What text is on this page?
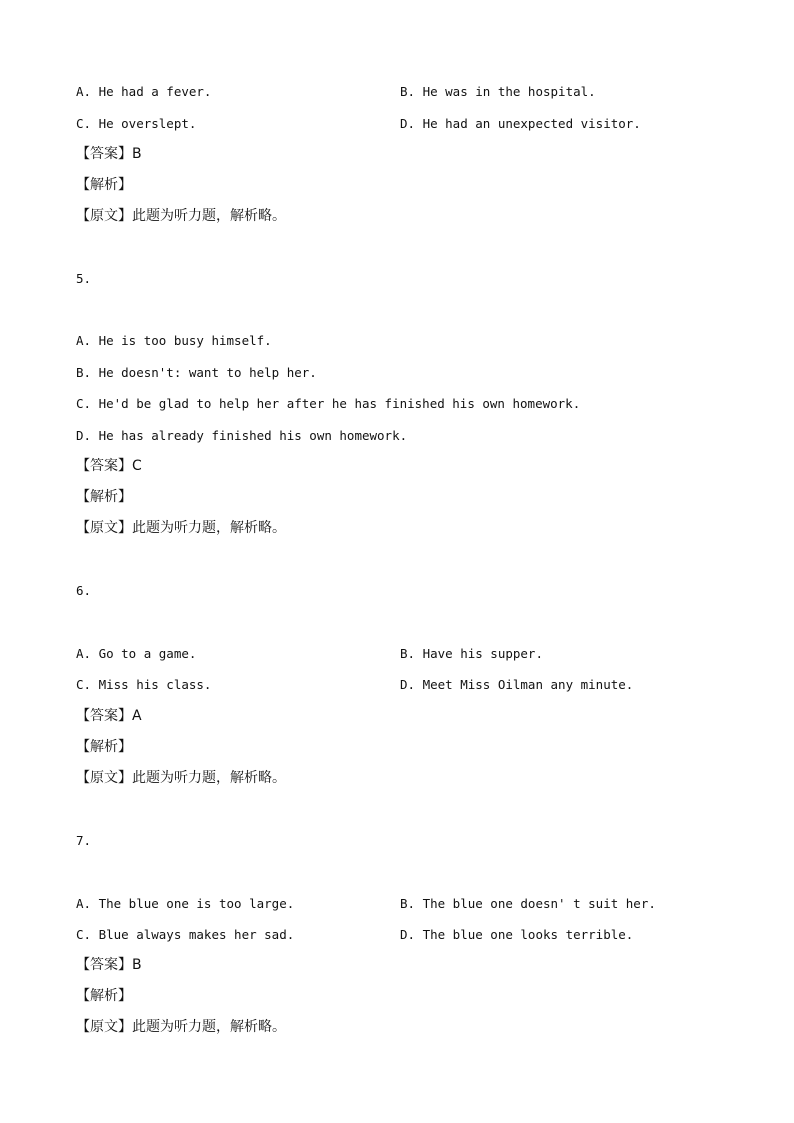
A. He had a fever.	B. He was in the hospital.
C. He overslept.	D. He had an unexpected visitor.
【答案】B
【解析】
【原文】此题为听力题，解析略。
5.
A. He is too busy himself.
B. He doesn't: want to help her.
C. He'd be glad to help her after he has finished his own homework.
D. He has already finished his own homework.
【答案】C
【解析】
【原文】此题为听力题，解析略。
6.
A. Go to a game.	B. Have his supper.
C. Miss his class.	D. Meet Miss Oilman any minute.
【答案】A
【解析】
【原文】此题为听力题，解析略。
7.
A. The blue one is too large.	B. The blue one doesn' t suit her.
C. Blue always makes her sad.	D. The blue one looks terrible.
【答案】B
【解析】
【原文】此题为听力题，解析略。
